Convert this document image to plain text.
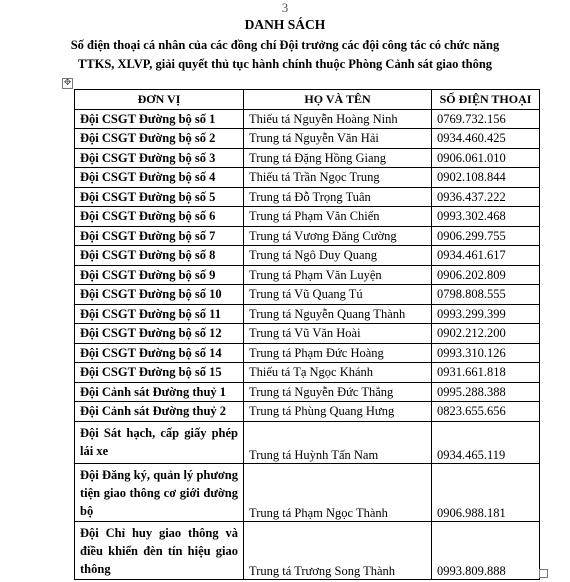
3
DANH SÁCH
Số điện thoại cá nhân của các đồng chí Đội trưởng các đội công tác có chức năng
TTKS, XLVP, giải quyết thủ tục hành chính thuộc Phòng Cảnh sát giao thông
✥
ĐƠN VỊ	HỌ VÀ TÊN	SỐ ĐIỆN THOẠI
Đội CSGT Đường bộ số 1	Thiếu tá Nguyễn Hoàng Ninh	0769.732.156
Đội CSGT Đường bộ số 2	Trung tá Nguyễn Văn Hải	0934.460.425
Đội CSGT Đường bộ số 3	Trung tá Đặng Hồng Giang	0906.061.010
Đội CSGT Đường bộ số 4	Thiếu tá Trần Ngọc Trung	0902.108.844
Đội CSGT Đường bộ số 5	Trung tá Đỗ Trọng Tuân	0936.437.222
Đội CSGT Đường bộ số 6	Trung tá Phạm Văn Chiến	0993.302.468
Đội CSGT Đường bộ số 7	Trung tá Vương Đăng Cường	0906.299.755
Đội CSGT Đường bộ số 8	Trung tá Ngô Duy Quang	0934.461.617
Đội CSGT Đường bộ số 9	Trung tá Phạm Văn Luyện	0906.202.809
Đội CSGT Đường bộ số 10	Trung tá Vũ Quang Tú	0798.808.555
Đội CSGT Đường bộ số 11	Trung tá Nguyễn Quang Thành	0993.299.399
Đội CSGT Đường bộ số 12	Trung tá Vũ Văn Hoài	0902.212.200
Đội CSGT Đường bộ số 14	Trung tá Phạm Đức Hoàng	0993.310.126
Đội CSGT Đường bộ số 15	Thiếu tá Tạ Ngọc Khánh	0931.661.818
Đội Cảnh sát Đường thuỷ 1	Trung tá Nguyễn Đức Thắng	0995.288.388
Đội Cảnh sát Đường thuỷ 2	Trung tá Phùng Quang Hưng	0823.655.656
Đội Sát hạch, cấp giấy phép lái xe	Trung tá Huỳnh Tấn Nam	0934.465.119
Đội Đăng ký, quản lý phương tiện giao thông cơ giới đường bộ	Trung tá Phạm Ngọc Thành	0906.988.181
Đội Chỉ huy giao thông và điều khiển đèn tín hiệu giao thông	Trung tá Trương Song Thành	0993.809.888
